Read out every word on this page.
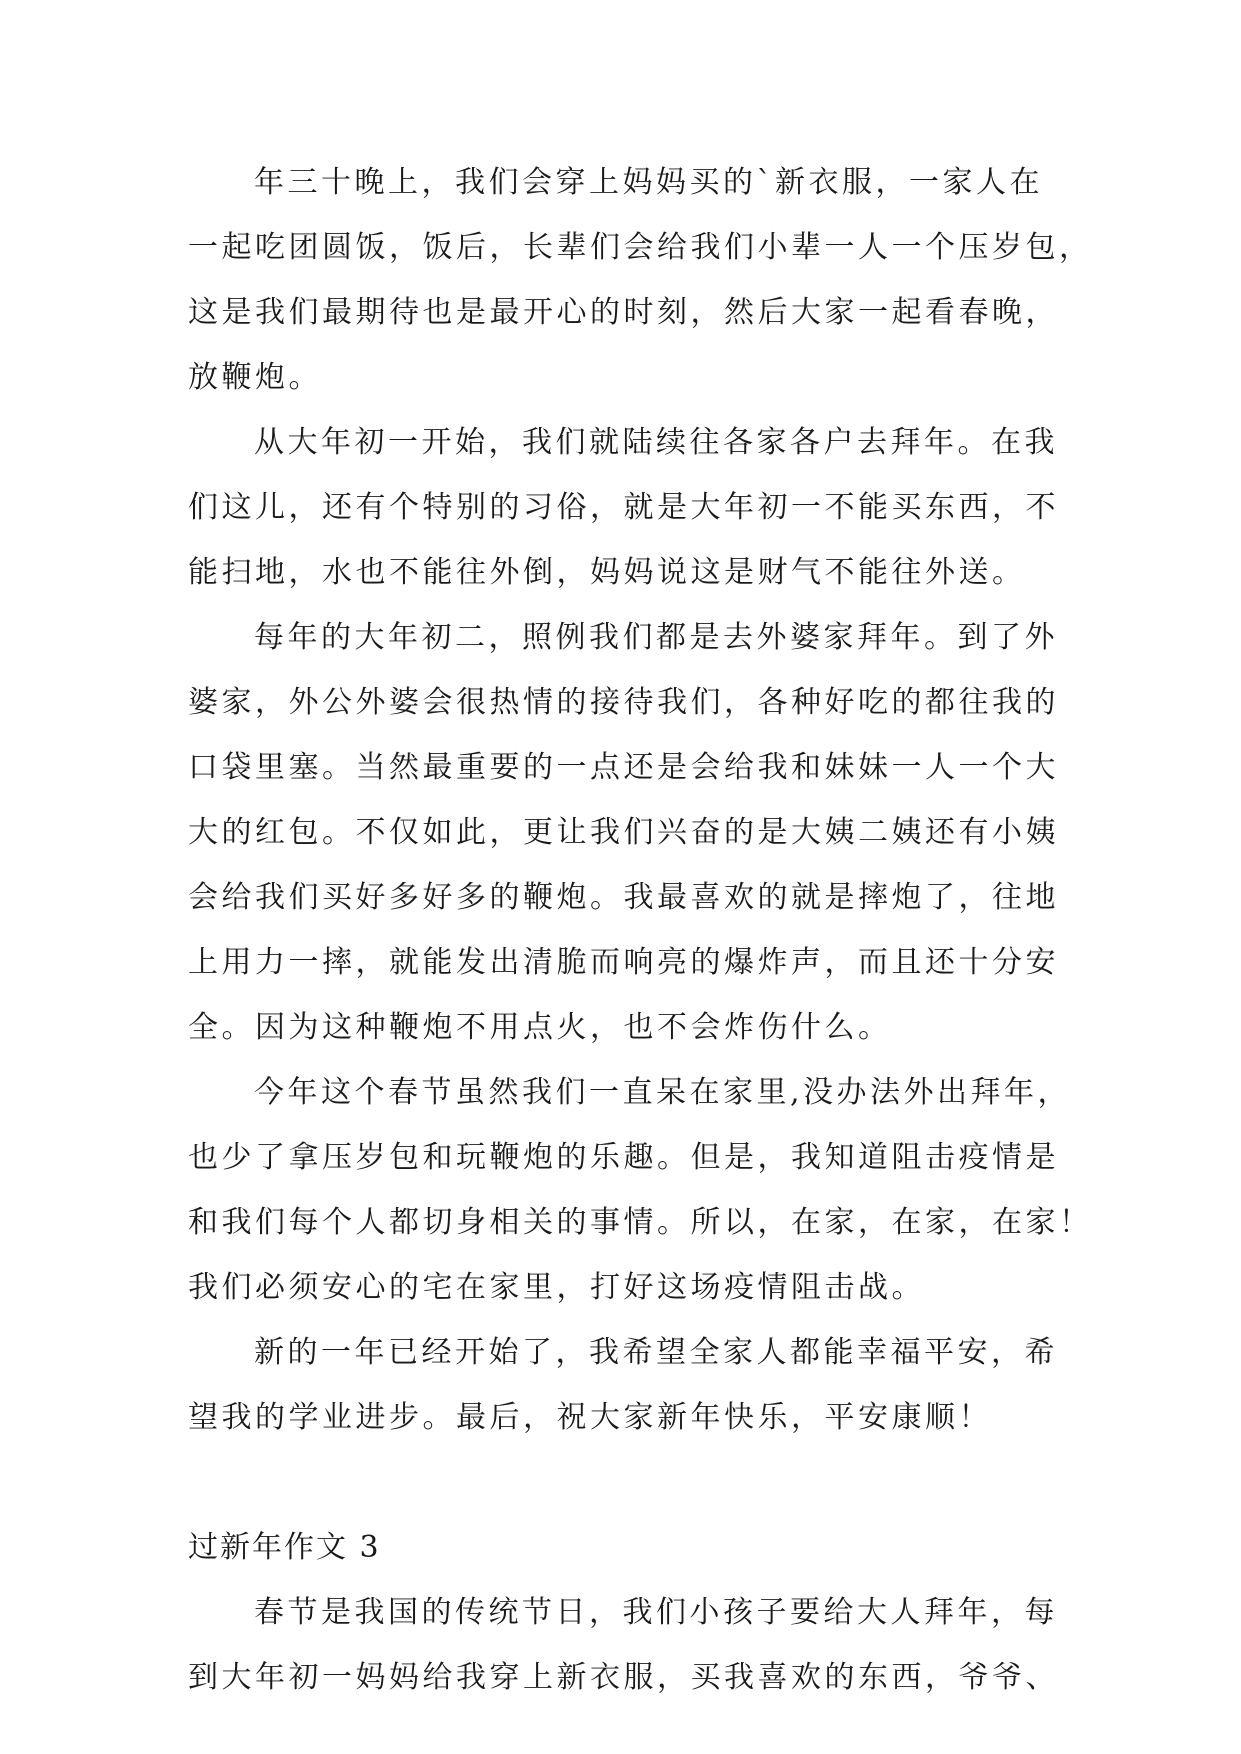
年三十晚上，我们会穿上妈妈买的`新衣服，一家人在
一起吃团圆饭，饭后，长辈们会给我们小辈一人一个压岁包，
这是我们最期待也是最开心的时刻，然后大家一起看春晚，
放鞭炮。
从大年初一开始，我们就陆续往各家各户去拜年。在我
们这儿，还有个特别的习俗，就是大年初一不能买东西，不
能扫地，水也不能往外倒，妈妈说这是财气不能往外送。
每年的大年初二，照例我们都是去外婆家拜年。到了外
婆家，外公外婆会很热情的接待我们，各种好吃的都往我的
口袋里塞。当然最重要的一点还是会给我和妹妹一人一个大
大的红包。不仅如此，更让我们兴奋的是大姨二姨还有小姨
会给我们买好多好多的鞭炮。我最喜欢的就是摔炮了，往地
上用力一摔，就能发出清脆而响亮的爆炸声，而且还十分安
全。因为这种鞭炮不用点火，也不会炸伤什么。
今年这个春节虽然我们一直呆在家里,没办法外出拜年，
也少了拿压岁包和玩鞭炮的乐趣。但是，我知道阻击疫情是
和我们每个人都切身相关的事情。所以，在家，在家，在家！
我们必须安心的宅在家里，打好这场疫情阻击战。
新的一年已经开始了，我希望全家人都能幸福平安，希
望我的学业进步。最后，祝大家新年快乐，平安康顺！
过新年作文 3
春节是我国的传统节日，我们小孩子要给大人拜年，每
到大年初一妈妈给我穿上新衣服，买我喜欢的东西，爷爷、
